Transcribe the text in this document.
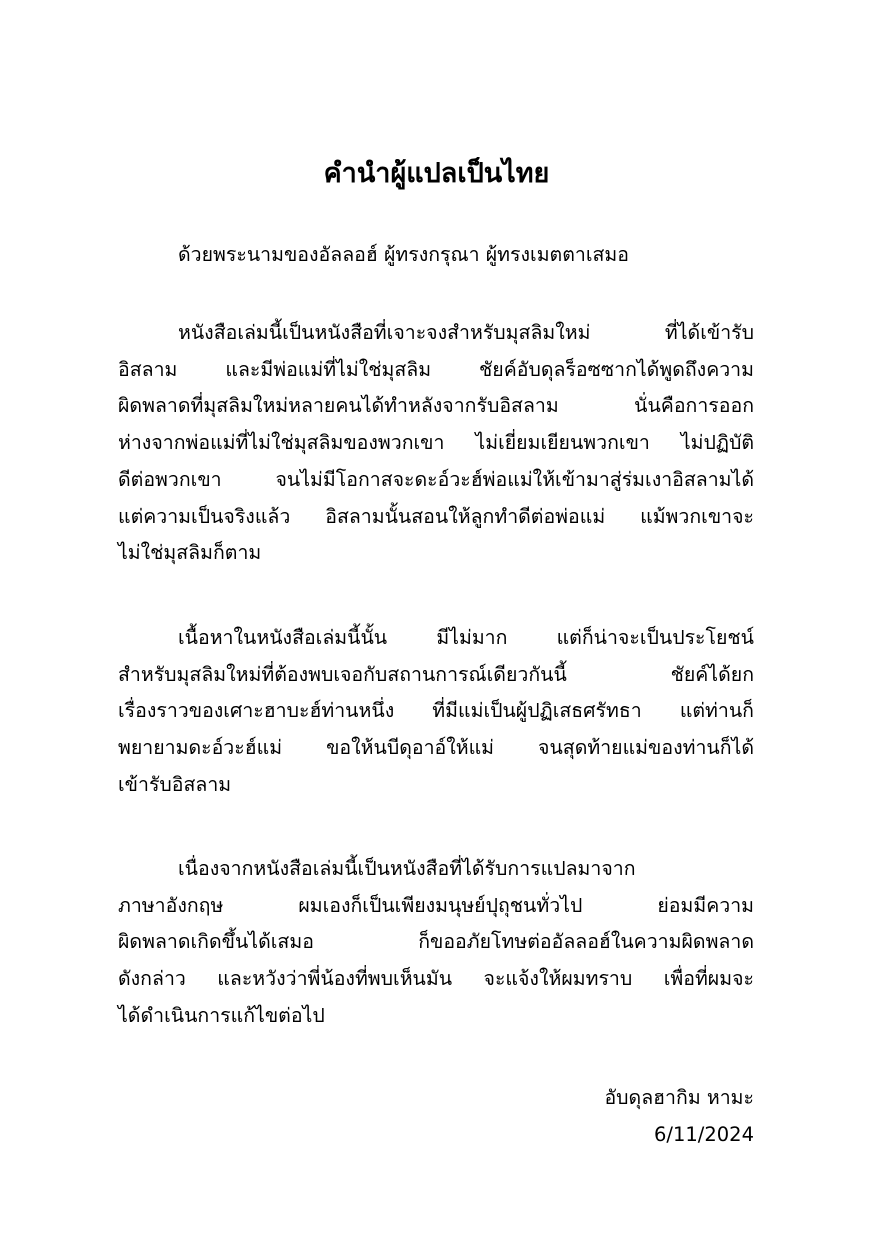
คำนำผู้แปลเป็นไทย

ด้วยพระนามของอัลลอฮ์ ผู้ทรงกรุณา ผู้ทรงเมตตาเสมอ

หนังสือเล่มนี้เป็นหนังสือที่เจาะจงสำหรับมุสลิมใหม่ ที่ได้เข้ารับ
อิสลาม และมีพ่อแม่ที่ไม่ใช่มุสลิม ชัยค์อับดุลร็อซซากได้พูดถึงความ
ผิดพลาดที่มุสลิมใหม่หลายคนได้ทำหลังจากรับอิสลาม นั่นคือการออก
ห่างจากพ่อแม่ที่ไม่ใช่มุสลิมของพวกเขา ไม่เยี่ยมเยียนพวกเขา ไม่ปฏิบัติ
ดีต่อพวกเขา จนไม่มีโอกาสจะดะอ์วะฮ์พ่อแม่ให้เข้ามาสู่ร่มเงาอิสลามได้
แต่ความเป็นจริงแล้ว อิสลามนั้นสอนให้ลูกทำดีต่อพ่อแม่ แม้พวกเขาจะ
ไม่ใช่มุสลิมก็ตาม

เนื้อหาในหนังสือเล่มนี้นั้น มีไม่มาก แต่ก็น่าจะเป็นประโยชน์
สำหรับมุสลิมใหม่ที่ต้องพบเจอกับสถานการณ์เดียวกันนี้ ชัยค์ได้ยก
เรื่องราวของเศาะฮาบะฮ์ท่านหนึ่ง ที่มีแม่เป็นผู้ปฏิเสธศรัทธา แต่ท่านก็
พยายามดะอ์วะฮ์แม่ ขอให้นบีดุอาอ์ให้แม่ จนสุดท้ายแม่ของท่านก็ได้
เข้ารับอิสลาม

เนื่องจากหนังสือเล่มนี้เป็นหนังสือที่ได้รับการแปลมาจาก
ภาษาอังกฤษ ผมเองก็เป็นเพียงมนุษย์ปุถุชนทั่วไป ย่อมมีความ
ผิดพลาดเกิดขึ้นได้เสมอ ก็ขออภัยโทษต่ออัลลอฮ์ในความผิดพลาด
ดังกล่าว และหวังว่าพี่น้องที่พบเห็นมัน จะแจ้งให้ผมทราบ เพื่อที่ผมจะ
ได้ดำเนินการแก้ไขต่อไป

อับดุลฮากิม หามะ
6/11/2024
